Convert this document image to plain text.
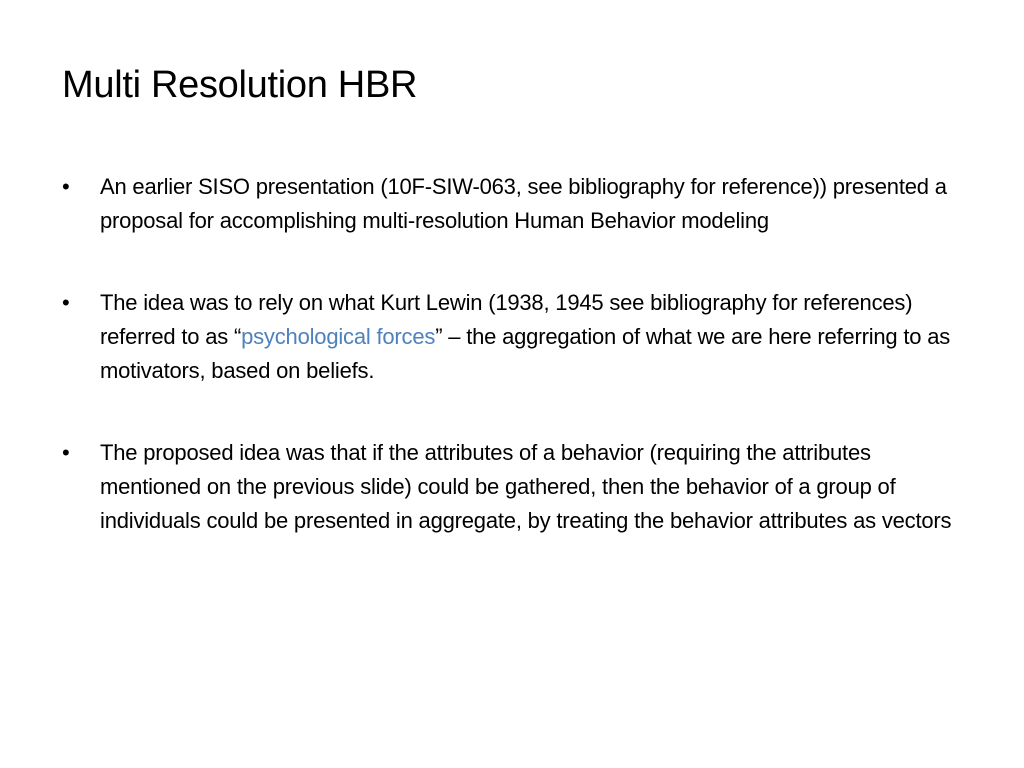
Multi Resolution HBR
•	An earlier SISO presentation (10F-SIW-063, see bibliography for reference)) presented a proposal for accomplishing multi-resolution Human Behavior modeling
•	The idea was to rely on what Kurt Lewin (1938, 1945 see bibliography for references) referred to as “psychological forces” – the aggregation of what we are here referring to as motivators, based on beliefs.
•	The proposed idea was that if the attributes of a behavior (requiring the attributes mentioned on the previous slide) could be gathered, then the behavior of a group of individuals could be presented in aggregate, by treating the behavior attributes as vectors
